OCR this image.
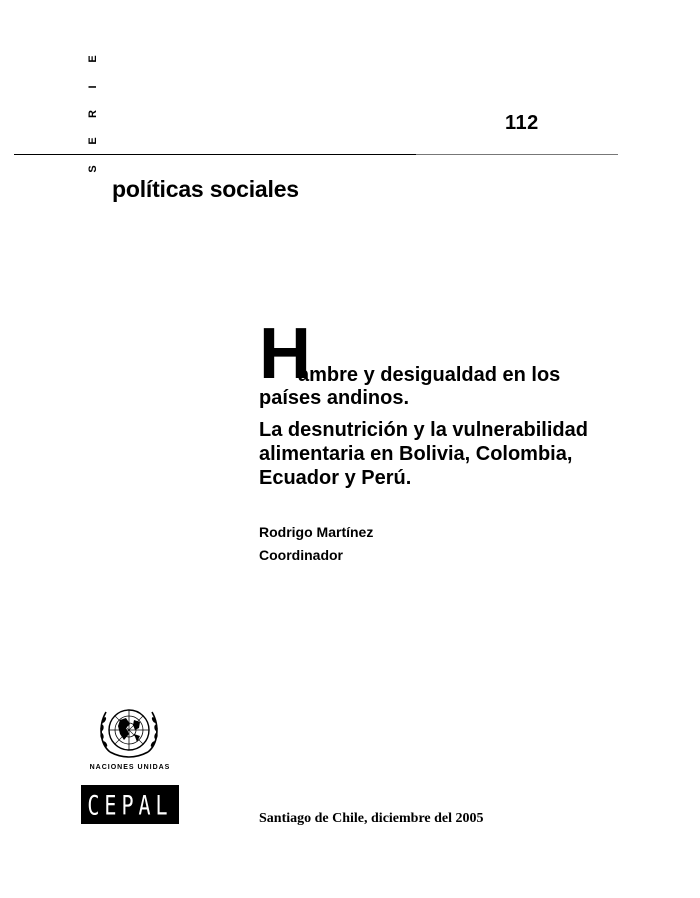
E
I
R
E
S
112
políticas sociales
H
ambre y desigualdad en los
países andinos.
La desnutrición y la vulnerabilidad
alimentaria en Bolivia, Colombia,
Ecuador y Perú.
Rodrigo Martínez
Coordinador
NACIONES UNIDAS
CEPAL	Santiago de Chile, diciembre del 2005
